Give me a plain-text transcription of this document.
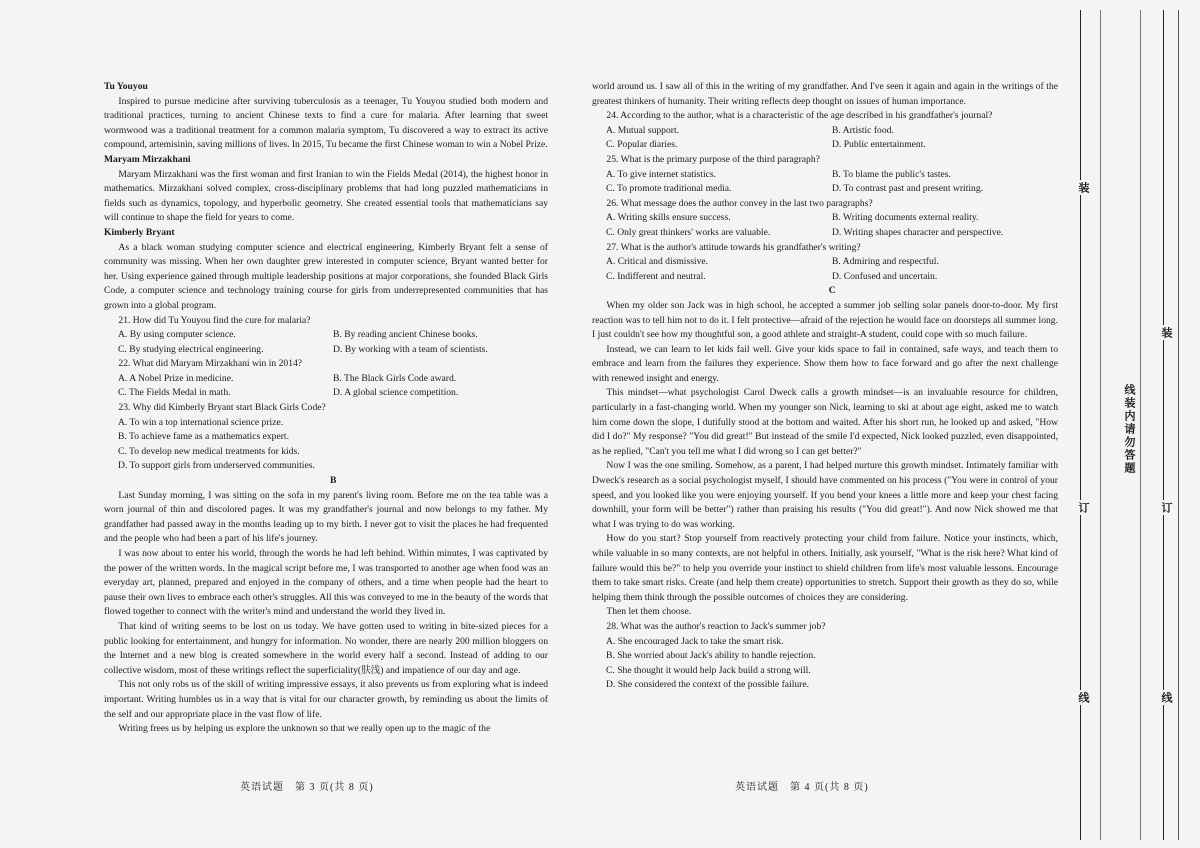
Tu Youyou

Inspired to pursue medicine after surviving tuberculosis as a teenager, Tu Youyou studied both modern and traditional practices, turning to ancient Chinese texts to find a cure for malaria. After learning that sweet wormwood was a traditional treatment for a common malaria symptom, Tu discovered a way to extract its active compound, artemisinin, saving millions of lives. In 2015, Tu became the first Chinese woman to win a Nobel Prize.

Maryam Mirzakhani

Maryam Mirzakhani was the first woman and first Iranian to win the Fields Medal (2014), the highest honor in mathematics. Mirzakhani solved complex, cross-disciplinary problems that had long puzzled mathematicians in fields such as dynamics, topology, and hyperbolic geometry. She created essential tools that mathematicians say will continue to shape the field for years to come.

Kimberly Bryant

As a black woman studying computer science and electrical engineering, Kimberly Bryant felt a sense of community was missing. When her own daughter grew interested in computer science, Bryant wanted better for her. Using experience gained through multiple leadership positions at major corporations, she founded Black Girls Code, a computer science and technology training course for girls from underrepresented communities that has grown into a global program.

21. How did Tu Youyou find the cure for malaria?

A. By using computer science.	B. By reading ancient Chinese books.
C. By studying electrical engineering.	D. By working with a team of scientists.

22. What did Maryam Mirzakhani win in 2014?

A. A Nobel Prize in medicine.	B. The Black Girls Code award.
C. The Fields Medal in math.	D. A global science competition.

23. Why did Kimberly Bryant start Black Girls Code?

A. To win a top international science prize.
B. To achieve fame as a mathematics expert.
C. To develop new medical treatments for kids.
D. To support girls from underserved communities.

B

Last Sunday morning, I was sitting on the sofa in my parent's living room. Before me on the tea table was a worn journal of thin and discolored pages. It was my grandfather's journal and now belongs to my father. My grandfather had passed away in the months leading up to my birth. I never got to visit the places he had frequented and the people who had been a part of his life's journey.

I was now about to enter his world, through the words he had left behind. Within minutes, I was captivated by the power of the written words. In the magical script before me, I was transported to another age when food was an everyday art, planned, prepared and enjoyed in the company of others, and a time when people had the heart to pause their own lives to embrace each other's struggles. All this was conveyed to me in the beauty of the words that flowed together to connect with the writer's mind and understand the world they lived in.

That kind of writing seems to be lost on us today. We have gotten used to writing in bite-sized pieces for a public looking for entertainment, and hungry for information. No wonder, there are nearly 200 million bloggers on the Internet and a new blog is created somewhere in the world every half a second. Instead of adding to our collective wisdom, most of these writings reflect the superficiality(肤浅) and impatience of our day and age.

This not only robs us of the skill of writing impressive essays, it also prevents us from exploring what is indeed important. Writing humbles us in a way that is vital for our character growth, by reminding us about the limits of the self and our appropriate place in the vast flow of life.

Writing frees us by helping us explore the unknown so that we really open up to the magic of the

world around us. I saw all of this in the writing of my grandfather. And I've seen it again and again in the writings of the greatest thinkers of humanity. Their writing reflects deep thought on issues of human importance.

24. According to the author, what is a characteristic of the age described in his grandfather's journal?

A. Mutual support.	B. Artistic food.
C. Popular diaries.	D. Public entertainment.

25. What is the primary purpose of the third paragraph?

A. To give internet statistics.	B. To blame the public's tastes.
C. To promote traditional media.	D. To contrast past and present writing.

26. What message does the author convey in the last two paragraphs?

A. Writing skills ensure success.	B. Writing documents external reality.
C. Only great thinkers' works are valuable.	D. Writing shapes character and perspective.

27. What is the author's attitude towards his grandfather's writing?

A. Critical and dismissive.	B. Admiring and respectful.
C. Indifferent and neutral.	D. Confused and uncertain.

C

When my older son Jack was in high school, he accepted a summer job selling solar panels door-to-door. My first reaction was to tell him not to do it. I felt protective—afraid of the rejection he would face on doorsteps all summer long. I just couldn't see how my thoughtful son, a good athlete and straight-A student, could cope with so much failure.

Instead, we can learn to let kids fail well. Give your kids space to fail in contained, safe ways, and teach them to embrace and learn from the failures they experience. Show them how to face forward and go after the next challenge with renewed insight and energy.

This mindset—what psychologist Carol Dweck calls a growth mindset—is an invaluable resource for children, particularly in a fast-changing world. When my younger son Nick, learning to ski at about age eight, asked me to watch him come down the slope, I dutifully stood at the bottom and waited. After his short run, he looked up and asked, "How did I do?" My response? "You did great!" But instead of the smile I'd expected, Nick looked puzzled, even disappointed, as he replied, "Can't you tell me what I did wrong so I can get better?"

Now I was the one smiling. Somehow, as a parent, I had helped nurture this growth mindset. Intimately familiar with Dweck's research as a social psychologist myself, I should have commented on his process ("You were in control of your speed, and you looked like you were enjoying yourself. If you bend your knees a little more and keep your chest facing downhill, your form will be better") rather than praising his results ("You did great!"). And now Nick showed me that what I was trying to do was working.

How do you start? Stop yourself from reactively protecting your child from failure. Notice your instincts, which, while valuable in so many contexts, are not helpful in others. Initially, ask yourself, "What is the risk here? What kind of failure would this be?" to help you override your instinct to shield children from life's most valuable lessons. Encourage them to take smart risks. Create (and help them create) opportunities to stretch. Support their growth as they do so, while helping them think through the possible outcomes of choices they are considering.

Then let them choose.

28. What was the author's reaction to Jack's summer job?

A. She encouraged Jack to take the smart risk.
B. She worried about Jack's ability to handle rejection.
C. She thought it would help Jack build a strong will.
D. She considered the context of the possible failure.
英语试题　第 3 页(共 8 页)	英语试题　第 4 页(共 8 页)
装
订
线
装
订
线
线装内请勿答题
